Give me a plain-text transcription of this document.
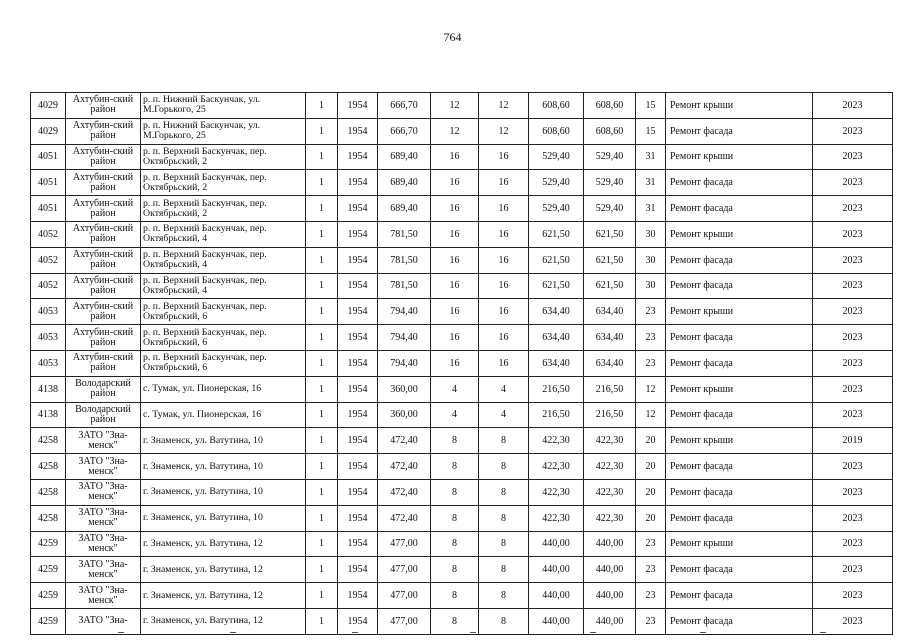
764
4029	Ахтубин-ский район	р. п. Нижний Баскунчак, ул. М.Горького, 25	1	1954	666,70	12	12	608,60	608,60	15	Ремонт крыши	2023
4029	Ахтубин-ский район	р. п. Нижний Баскунчак, ул. М.Горького, 25	1	1954	666,70	12	12	608,60	608,60	15	Ремонт фасада	2023
4051	Ахтубин-ский район	р. п. Верхний Баскунчак, пер. Октябрьский, 2	1	1954	689,40	16	16	529,40	529,40	31	Ремонт крыши	2023
4051	Ахтубин-ский район	р. п. Верхний Баскунчак, пер. Октябрьский, 2	1	1954	689,40	16	16	529,40	529,40	31	Ремонт фасада	2023
4051	Ахтубин-ский район	р. п. Верхний Баскунчак, пер. Октябрьский, 2	1	1954	689,40	16	16	529,40	529,40	31	Ремонт фасада	2023
4052	Ахтубин-ский район	р. п. Верхний Баскунчак, пер. Октябрьский, 4	1	1954	781,50	16	16	621,50	621,50	30	Ремонт крыши	2023
4052	Ахтубин-ский район	р. п. Верхний Баскунчак, пер. Октябрьский, 4	1	1954	781,50	16	16	621,50	621,50	30	Ремонт фасада	2023
4052	Ахтубин-ский район	р. п. Верхний Баскунчак, пер. Октябрьский, 4	1	1954	781,50	16	16	621,50	621,50	30	Ремонт фасада	2023
4053	Ахтубин-ский район	р. п. Верхний Баскунчак, пер. Октябрьский, 6	1	1954	794,40	16	16	634,40	634,40	23	Ремонт крыши	2023
4053	Ахтубин-ский район	р. п. Верхний Баскунчак, пер. Октябрьский, 6	1	1954	794,40	16	16	634,40	634,40	23	Ремонт фасада	2023
4053	Ахтубин-ский район	р. п. Верхний Баскунчак, пер. Октябрьский, 6	1	1954	794,40	16	16	634,40	634,40	23	Ремонт фасада	2023
4138	Володарский район	с. Тумак, ул. Пионерская, 16	1	1954	360,00	4	4	216,50	216,50	12	Ремонт крыши	2023
4138	Володарский район	с. Тумак, ул. Пионерская, 16	1	1954	360,00	4	4	216,50	216,50	12	Ремонт фасада	2023
4258	ЗАТО "Зна-менск"	г. Знаменск, ул. Ватутина, 10	1	1954	472,40	8	8	422,30	422,30	20	Ремонт крыши	2019
4258	ЗАТО "Зна-менск"	г. Знаменск, ул. Ватутина, 10	1	1954	472,40	8	8	422,30	422,30	20	Ремонт фасада	2023
4258	ЗАТО "Зна-менск"	г. Знаменск, ул. Ватутина, 10	1	1954	472,40	8	8	422,30	422,30	20	Ремонт фасада	2023
4258	ЗАТО "Зна-менск"	г. Знаменск, ул. Ватутина, 10	1	1954	472,40	8	8	422,30	422,30	20	Ремонт фасада	2023
4259	ЗАТО "Зна-менск"	г. Знаменск, ул. Ватутина, 12	1	1954	477,00	8	8	440,00	440,00	23	Ремонт крыши	2023
4259	ЗАТО "Зна-менск"	г. Знаменск, ул. Ватутина, 12	1	1954	477,00	8	8	440,00	440,00	23	Ремонт фасада	2023
4259	ЗАТО "Зна-менск"	г. Знаменск, ул. Ватутина, 12	1	1954	477,00	8	8	440,00	440,00	23	Ремонт фасада	2023
4259	ЗАТО "Зна-	г. Знаменск, ул. Ватутина, 12	1	1954	477,00	8	8	440,00	440,00	23	Ремонт фасада	2023
